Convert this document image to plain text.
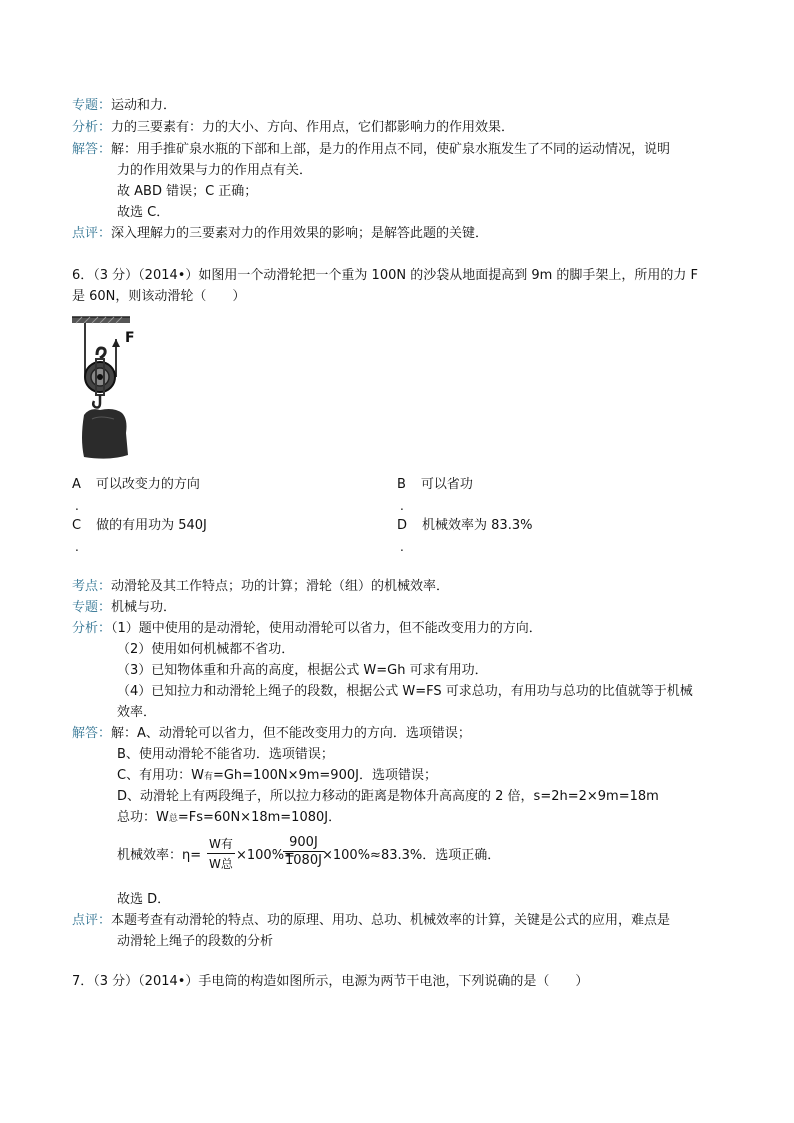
专题：运动和力．
分析：力的三要素有：力的大小、方向、作用点，它们都影响力的作用效果．
解答：解：用手推矿泉水瓶的下部和上部，是力的作用点不同，使矿泉水瓶发生了不同的运动情况，说明
力的作用效果与力的作用点有关．
故 ABD 错误；C 正确；
故选 C．
点评：深入理解力的三要素对力的作用效果的影响；是解答此题的关键．
6．（3 分）（2014•）如图用一个动滑轮把一个重为 100N 的沙袋从地面提高到 9m 的脚手架上，所用的力 F
是 60N，则该动滑轮（　　）
F
A 可以改变力的方向
.
B 可以省功
.
C 做的有用功为 540J
.
D 机械效率为 83.3%
.
考点：动滑轮及其工作特点；功的计算；滑轮（组）的机械效率．
专题：机械与功．
分析：（1）题中使用的是动滑轮，使用动滑轮可以省力，但不能改变用力的方向．
（2）使用如何机械都不省功．
（3）已知物体重和升高的高度，根据公式 W=Gh 可求有用功．
（4）已知拉力和动滑轮上绳子的段数，根据公式 W=FS 可求总功，有用功与总功的比值就等于机械
效率．
解答：解：A、动滑轮可以省力，但不能改变用力的方向．选项错误；
B、使用动滑轮不能省功．选项错误；
C、有用功：W有=Gh=100N×9m=900J．选项错误；
D、动滑轮上有两段绳子，所以拉力移动的距离是物体升高高度的 2 倍，s=2h=2×9m=18m
总功：W总=Fs=60N×18m=1080J．
机械效率：η=
W有
W总
×100%=
$\frac{900J}{1080J}$
×100%≈83.3%．选项正确．
故选 D．
点评：本题考查有动滑轮的特点、功的原理、用功、总功、机械效率的计算，关键是公式的应用，难点是
动滑轮上绳子的段数的分析
7．（3 分）（2014•）手电筒的构造如图所示，电源为两节干电池，下列说确的是（　　）
